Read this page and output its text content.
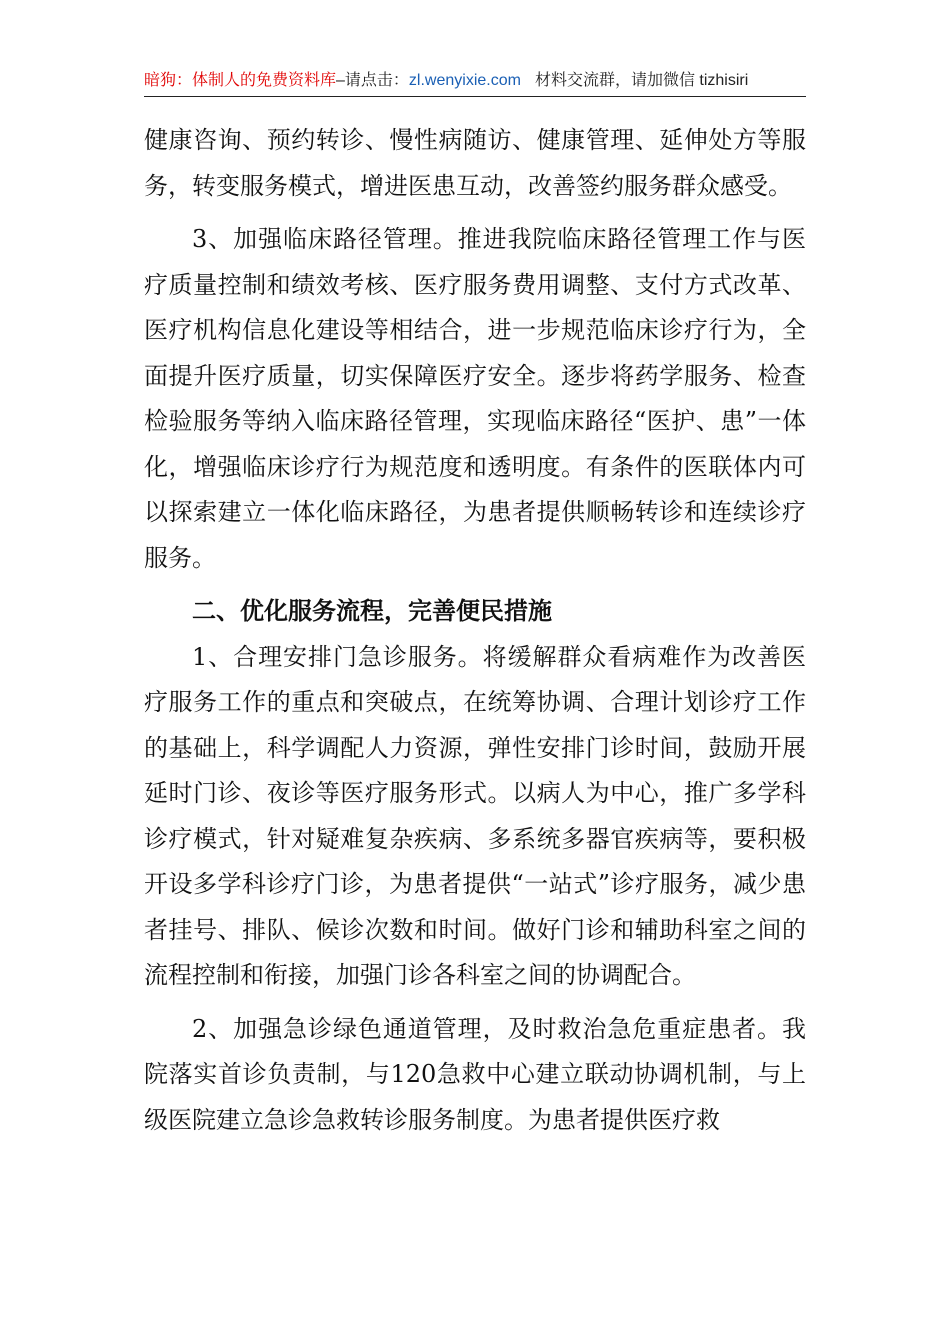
暗狗：体制人的免费资料库–请点击：zl.wenyixie.com 材料交流群，请加微信 tizhisiri

健康咨询、预约转诊、慢性病随访、健康管理、延伸处方等服务，转变服务模式，增进医患互动，改善签约服务群众感受。

3、加强临床路径管理。推进我院临床路径管理工作与医疗质量控制和绩效考核、医疗服务费用调整、支付方式改革、医疗机构信息化建设等相结合，进一步规范临床诊疗行为，全面提升医疗质量，切实保障医疗安全。逐步将药学服务、检查检验服务等纳入临床路径管理，实现临床路径“医护、患”一体化，增强临床诊疗行为规范度和透明度。有条件的医联体内可以探索建立一体化临床路径，为患者提供顺畅转诊和连续诊疗服务。

二、优化服务流程，完善便民措施

1、合理安排门急诊服务。将缓解群众看病难作为改善医疗服务工作的重点和突破点，在统筹协调、合理计划诊疗工作的基础上，科学调配人力资源，弹性安排门诊时间，鼓励开展延时门诊、夜诊等医疗服务形式。以病人为中心，推广多学科诊疗模式，针对疑难复杂疾病、多系统多器官疾病等，要积极开设多学科诊疗门诊，为患者提供“一站式”诊疗服务，减少患者挂号、排队、候诊次数和时间。做好门诊和辅助科室之间的流程控制和衔接，加强门诊各科室之间的协调配合。

2、加强急诊绿色通道管理，及时救治急危重症患者。我院落实首诊负责制，与120急救中心建立联动协调机制，与上级医院建立急诊急救转诊服务制度。为患者提供医疗救
